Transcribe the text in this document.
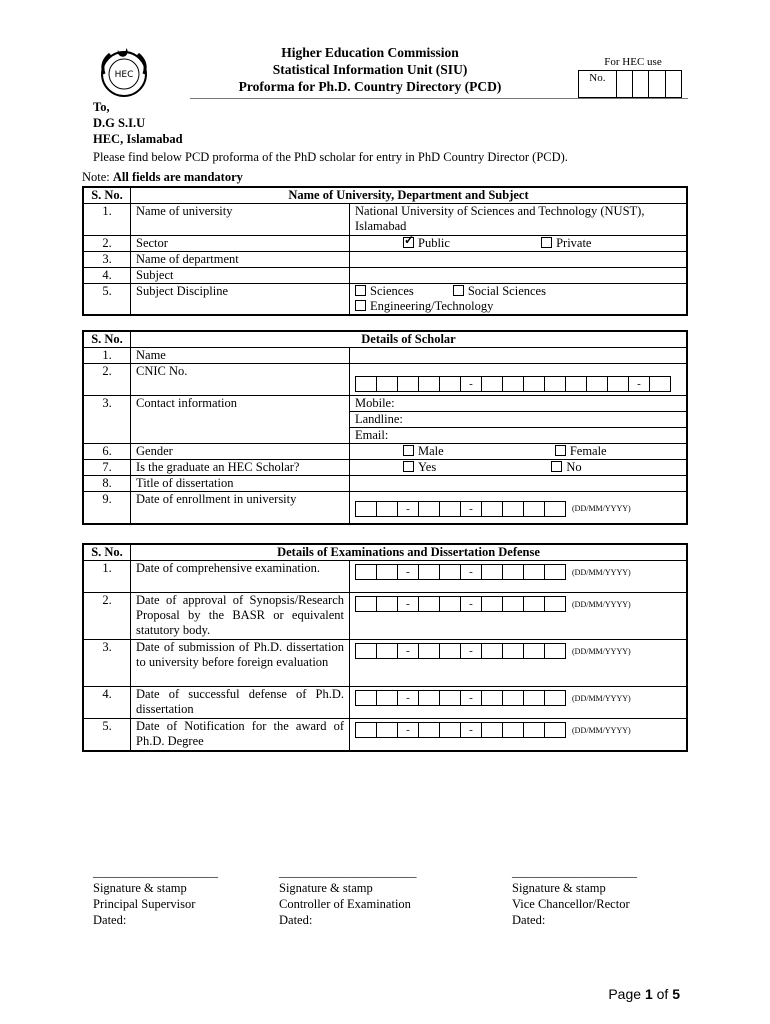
HEC
Higher Education Commission
Statistical Information Unit (SIU)
Proforma for Ph.D. Country Directory (PCD)
For HEC use
No.
To,
D.G S.I.U
HEC, Islamabad
Please find below PCD proforma of the PhD scholar for entry in PhD Country Director (PCD).
Note: All fields are mandatory
S. No.	Name of University, Department and Subject	
1.	Name of university	National University of Sciences and Technology (NUST), Islamabad
2.	Sector	✓Public Private
3.	Name of department	
4.	Subject	
5.	Subject Discipline	Sciences Social Sciences
Engineering/Technology
S. No.	Details of Scholar	
1.	Name	
2.	CNIC No.	- -

3.	Contact information	Mobile:
Landline:
Email:

6.	Gender	Male Female
7.	Is the graduate an HEC Scholar?	Yes No
8.	Title of dissertation	
9.	Date of enrollment in university	- - (DD/MM/YYYY)
S. No.	Details of Examinations and Dissertation Defense	
1.	Date of comprehensive examination.	- - (DD/MM/YYYY)
2.	Date of approval of Synopsis/Research Proposal by the BASR or equivalent statutory body.	- - (DD/MM/YYYY)
3.	Date of submission of Ph.D. dissertation to university before foreign evaluation	- - (DD/MM/YYYY)
4.	Date of successful defense of Ph.D. dissertation	- - (DD/MM/YYYY)
5.	Date of Notification for the award of Ph.D. Degree	- - (DD/MM/YYYY)
____________________
Signature & stamp
Principal Supervisor
Dated:
______________________
Signature & stamp
Controller of Examination
Dated:
____________________
Signature & stamp
Vice Chancellor/Rector
Dated:
Page 1 of 5
